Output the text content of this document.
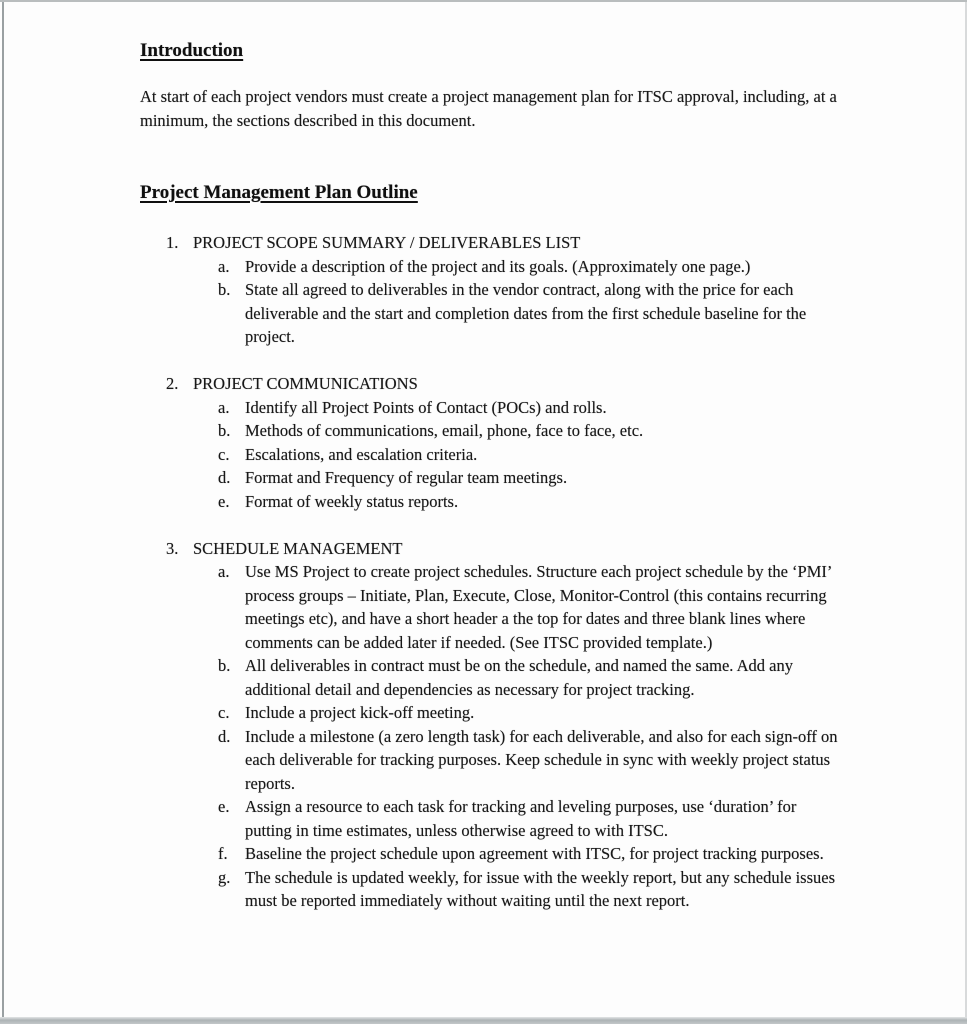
Introduction

At start of each project vendors must create a project management plan for ITSC approval, including, at a minimum, the sections described in this document.

Project Management Plan Outline
1. PROJECT SCOPE SUMMARY / DELIVERABLES LIST
a. Provide a description of the project and its goals. (Approximately one page.)
b. State all agreed to deliverables in the vendor contract, along with the price for each deliverable and the start and completion dates from the first schedule baseline for the project.
2. PROJECT COMMUNICATIONS
a. Identify all Project Points of Contact (POCs) and rolls.
b. Methods of communications, email, phone, face to face, etc.
c. Escalations, and escalation criteria.
d. Format and Frequency of regular team meetings.
e. Format of weekly status reports.
3. SCHEDULE MANAGEMENT
a. Use MS Project to create project schedules. Structure each project schedule by the ‘PMI’ process groups – Initiate, Plan, Execute, Close, Monitor-Control (this contains recurring meetings etc), and have a short header a the top for dates and three blank lines where comments can be added later if needed. (See ITSC provided template.)
b. All deliverables in contract must be on the schedule, and named the same. Add any additional detail and dependencies as necessary for project tracking.
c. Include a project kick-off meeting.
d. Include a milestone (a zero length task) for each deliverable, and also for each sign-off on each deliverable for tracking purposes. Keep schedule in sync with weekly project status reports.
e. Assign a resource to each task for tracking and leveling purposes, use ‘duration’ for putting in time estimates, unless otherwise agreed to with ITSC.
f.	Baseline the project schedule upon agreement with ITSC, for project tracking purposes.
g. The schedule is updated weekly, for issue with the weekly report, but any schedule issues must be reported immediately without waiting until the next report.
